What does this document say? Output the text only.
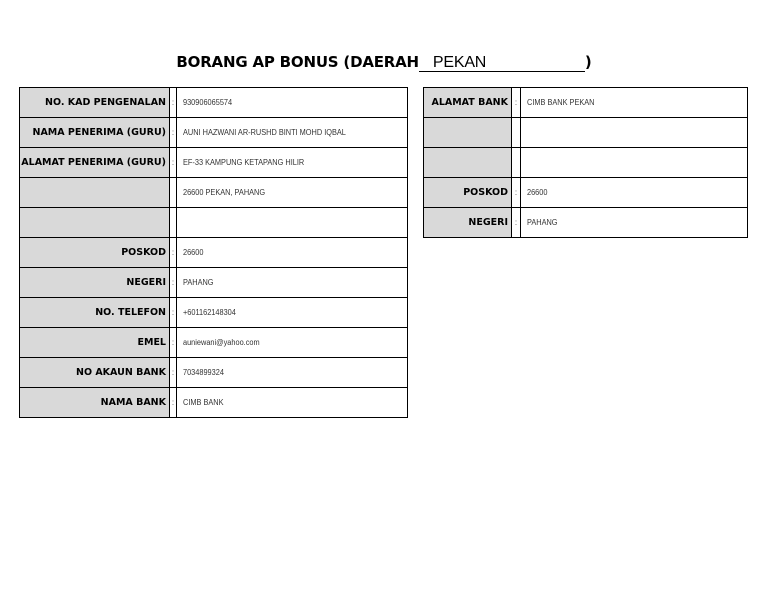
BORANG AP BONUS (DAERAH PEKAN	)
NO. KAD PENGENALAN	:	930906065574
NAMA PENERIMA (GURU)	:	AUNI HAZWANI AR-RUSHD BINTI MOHD IQBAL
ALAMAT PENERIMA (GURU)	:	EF-33 KAMPUNG KETAPANG HILIR
		26600 PEKAN, PAHANG

POSKOD	:	26600
NEGERI	:	PAHANG
NO. TELEFON	:	+601162148304
EMEL	:	auniewani@yahoo.com
NO AKAUN BANK	:	7034899324
NAMA BANK	:	CIMB BANK
ALAMAT BANK	:	CIMB BANK PEKAN

POSKOD	:	26600
NEGERI	:	PAHANG
